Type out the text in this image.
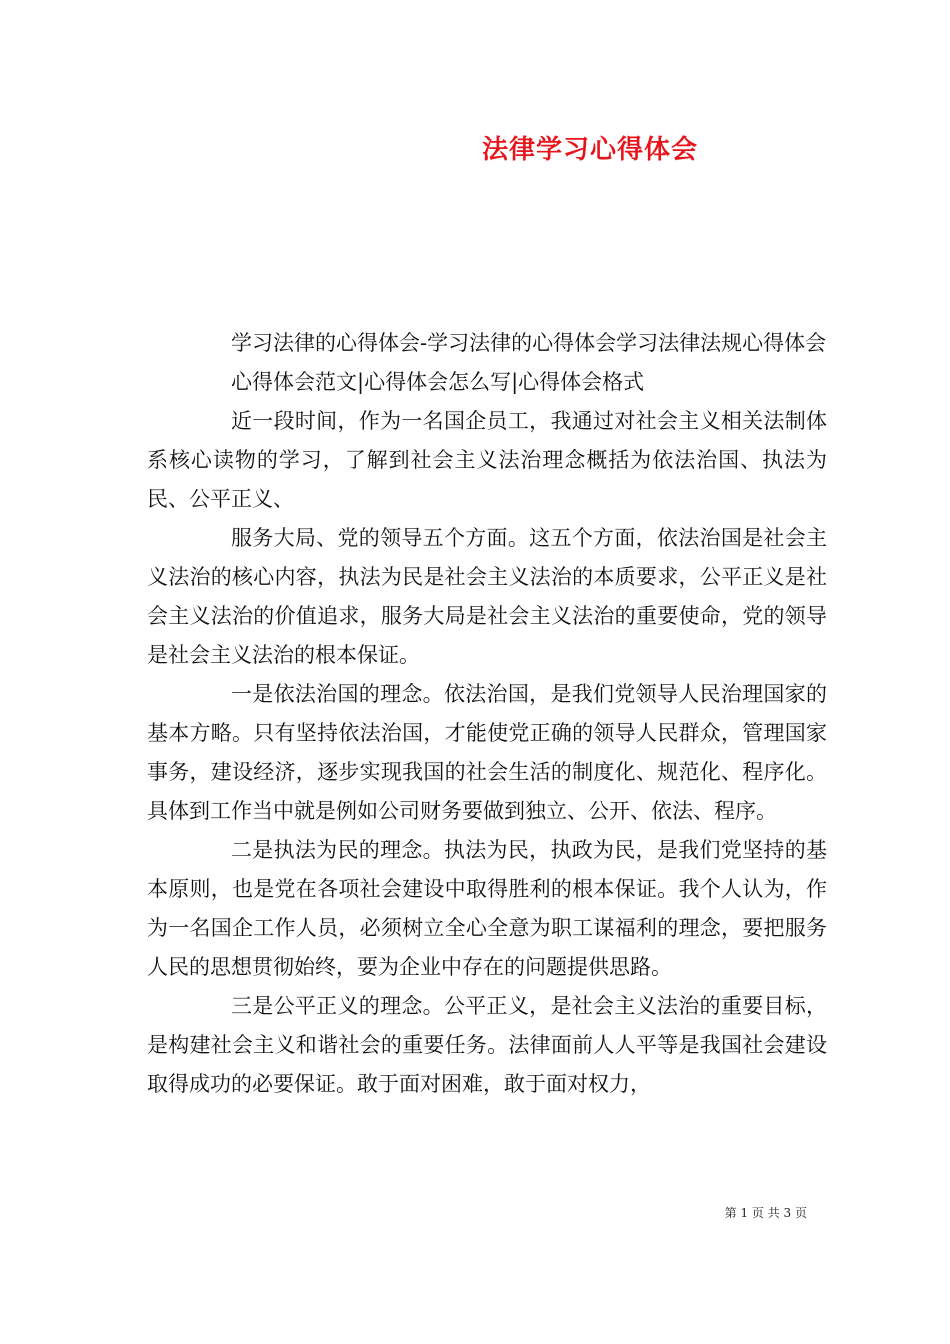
法律学习心得体会

学习法律的心得体会-学习法律的心得体会学习法律法规心得体会

心得体会范文|心得体会怎么写|心得体会格式

近一段时间，作为一名国企员工，我通过对社会主义相关法制体系核心读物的学习，了解到社会主义法治理念概括为依法治国、执法为民、公平正义、

服务大局、党的领导五个方面。这五个方面，依法治国是社会主义法治的核心内容，执法为民是社会主义法治的本质要求，公平正义是社会主义法治的价值追求，服务大局是社会主义法治的重要使命，党的领导是社会主义法治的根本保证。

一是依法治国的理念。依法治国，是我们党领导人民治理国家的基本方略。只有坚持依法治国，才能使党正确的领导人民群众，管理国家事务，建设经济，逐步实现我国的社会生活的制度化、规范化、程序化。具体到工作当中就是例如公司财务要做到独立、公开、依法、程序。

二是执法为民的理念。执法为民，执政为民，是我们党坚持的基本原则，也是党在各项社会建设中取得胜利的根本保证。我个人认为，作为一名国企工作人员，必须树立全心全意为职工谋福利的理念，要把服务人民的思想贯彻始终，要为企业中存在的问题提供思路。

三是公平正义的理念。公平正义，是社会主义法治的重要目标，是构建社会主义和谐社会的重要任务。法律面前人人平等是我国社会建设取得成功的必要保证。敢于面对困难，敢于面对权力，

第 1 页 共 3 页
